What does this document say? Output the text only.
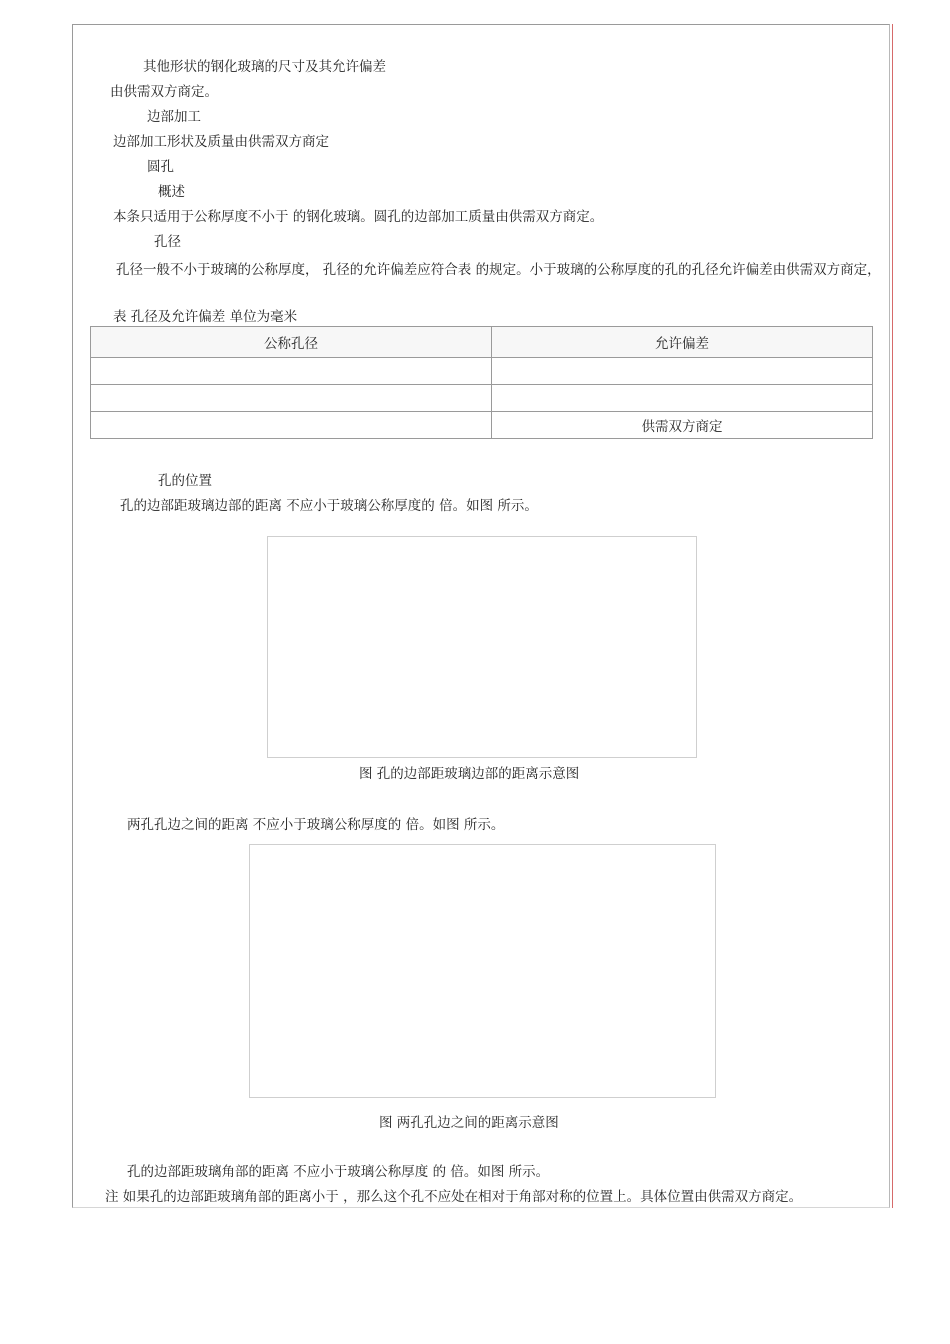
其他形状的钢化玻璃的尺寸及其允许偏差
由供需双方商定。
边部加工
边部加工形状及质量由供需双方商定
圆孔
概述
本条只适用于公称厚度不小于 的钢化玻璃。圆孔的边部加工质量由供需双方商定。
孔径
孔径一般不小于玻璃的公称厚度， 孔径的允许偏差应符合表 的规定。小于玻璃的公称厚度的孔的孔径允许偏差由供需双方商定，
表 孔径及允许偏差 单位为毫米
公称孔径	允许偏差

	供需双方商定
孔的位置
孔的边部距玻璃边部的距离 不应小于玻璃公称厚度的 倍。如图 所示。
图 孔的边部距玻璃边部的距离示意图
两孔孔边之间的距离 不应小于玻璃公称厚度的 倍。如图 所示。
图 两孔孔边之间的距离示意图
孔的边部距玻璃角部的距离 不应小于玻璃公称厚度 的 倍。如图 所示。
注 如果孔的边部距玻璃角部的距离小于 ，那么这个孔不应处在相对于角部对称的位置上。具体位置由供需双方商定。
